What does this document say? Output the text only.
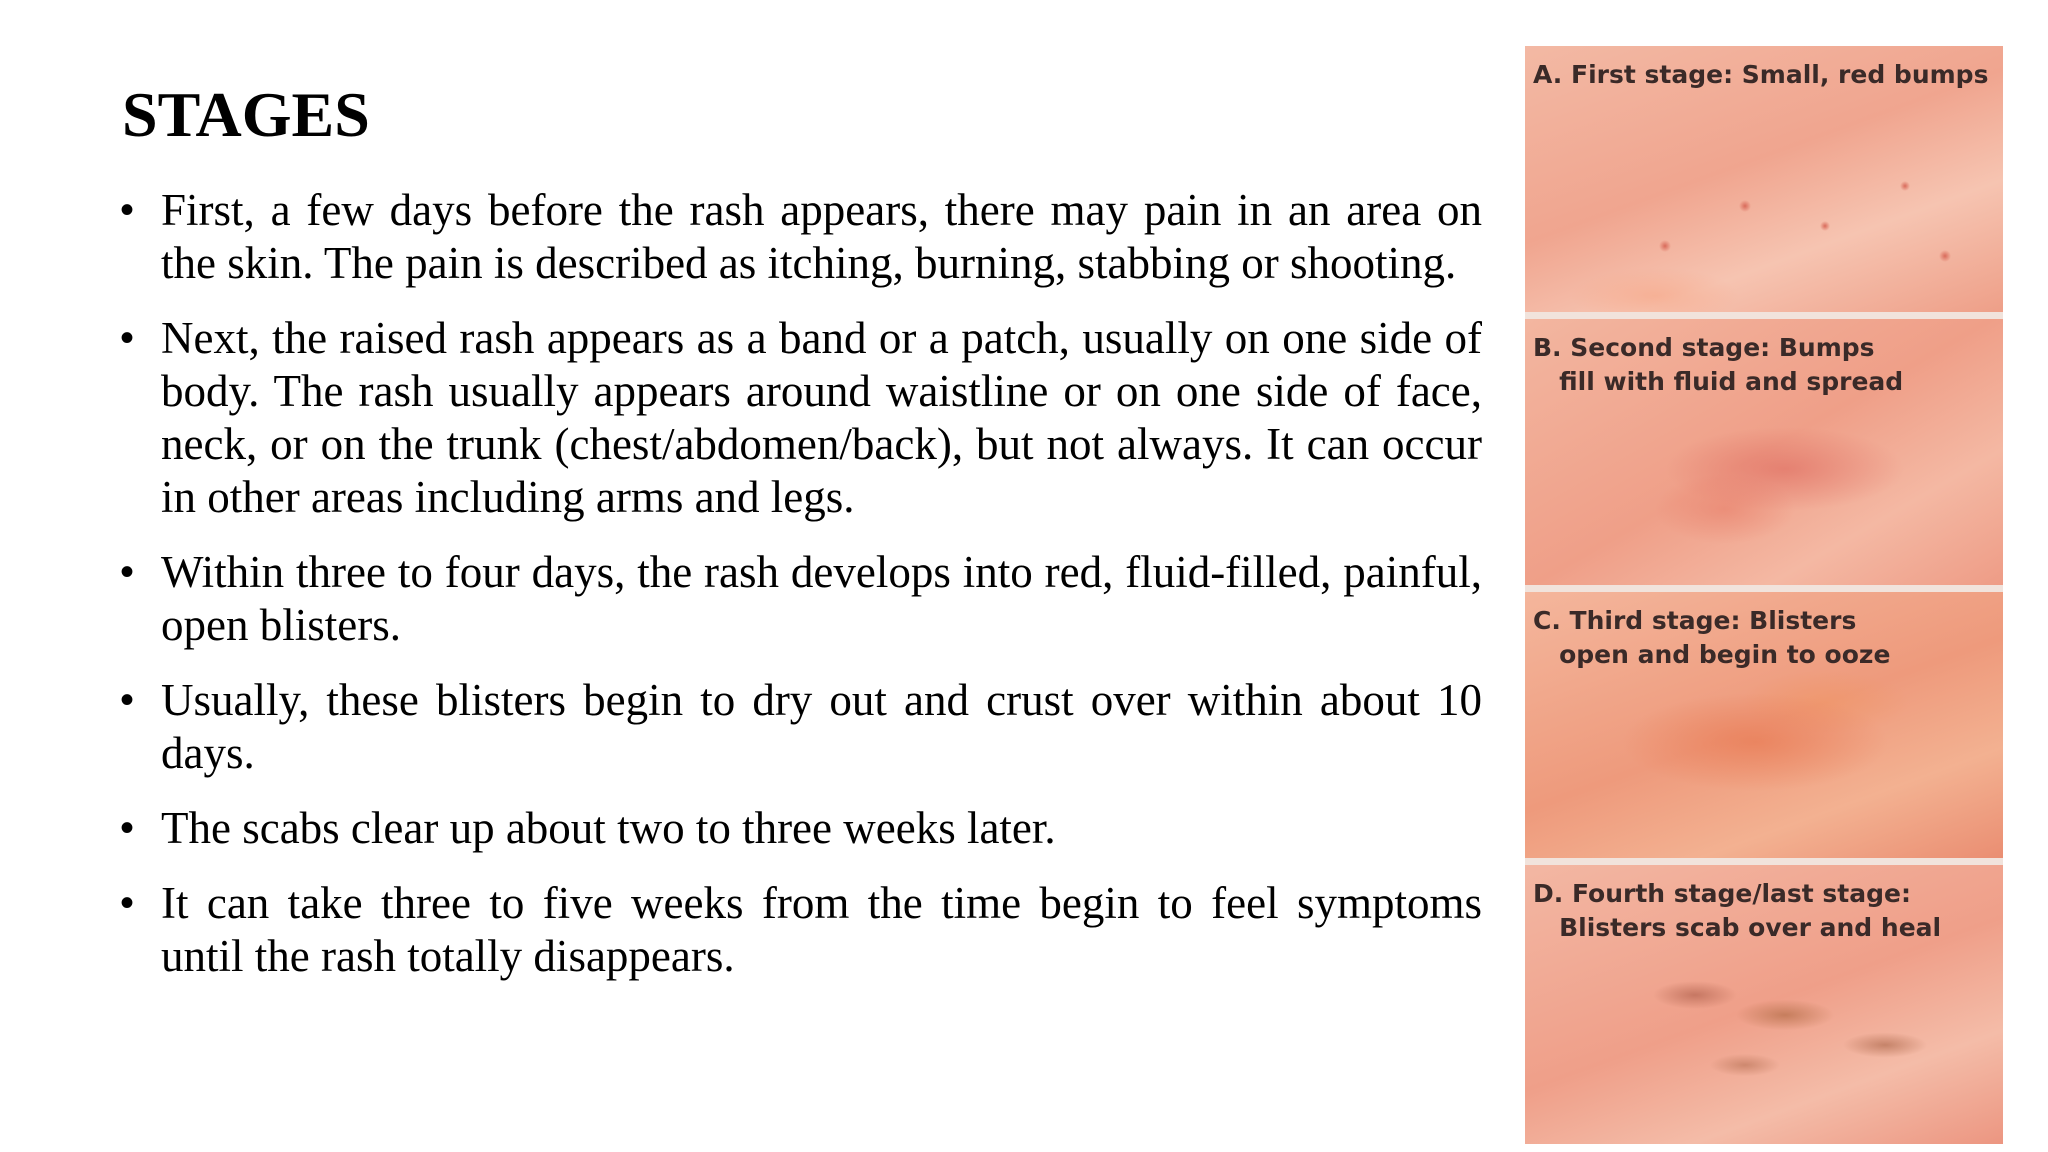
STAGES
• First, a few days before the rash appears, there may pain in an area on the skin. The pain is described as itching, burning, stabbing or shooting.
• Next, the raised rash appears as a band or a patch, usually on one side of body. The rash usually appears around waistline or on one side of face, neck, or on the trunk (chest/abdomen/back), but not always. It can occur in other areas including arms and legs.
• Within three to four days, the rash develops into red, fluid-filled, painful, open blisters.
• Usually, these blisters begin to dry out and crust over within about 10 days.
• The scabs clear up about two to three weeks later.
• It can take three to five weeks from the time begin to feel symptoms until the rash totally disappears.

A. First stage: Small, red bumps

B. Second stage: Bumps
fill with fluid and spread

C. Third stage: Blisters
open and begin to ooze

D. Fourth stage/last stage:
Blisters scab over and heal
